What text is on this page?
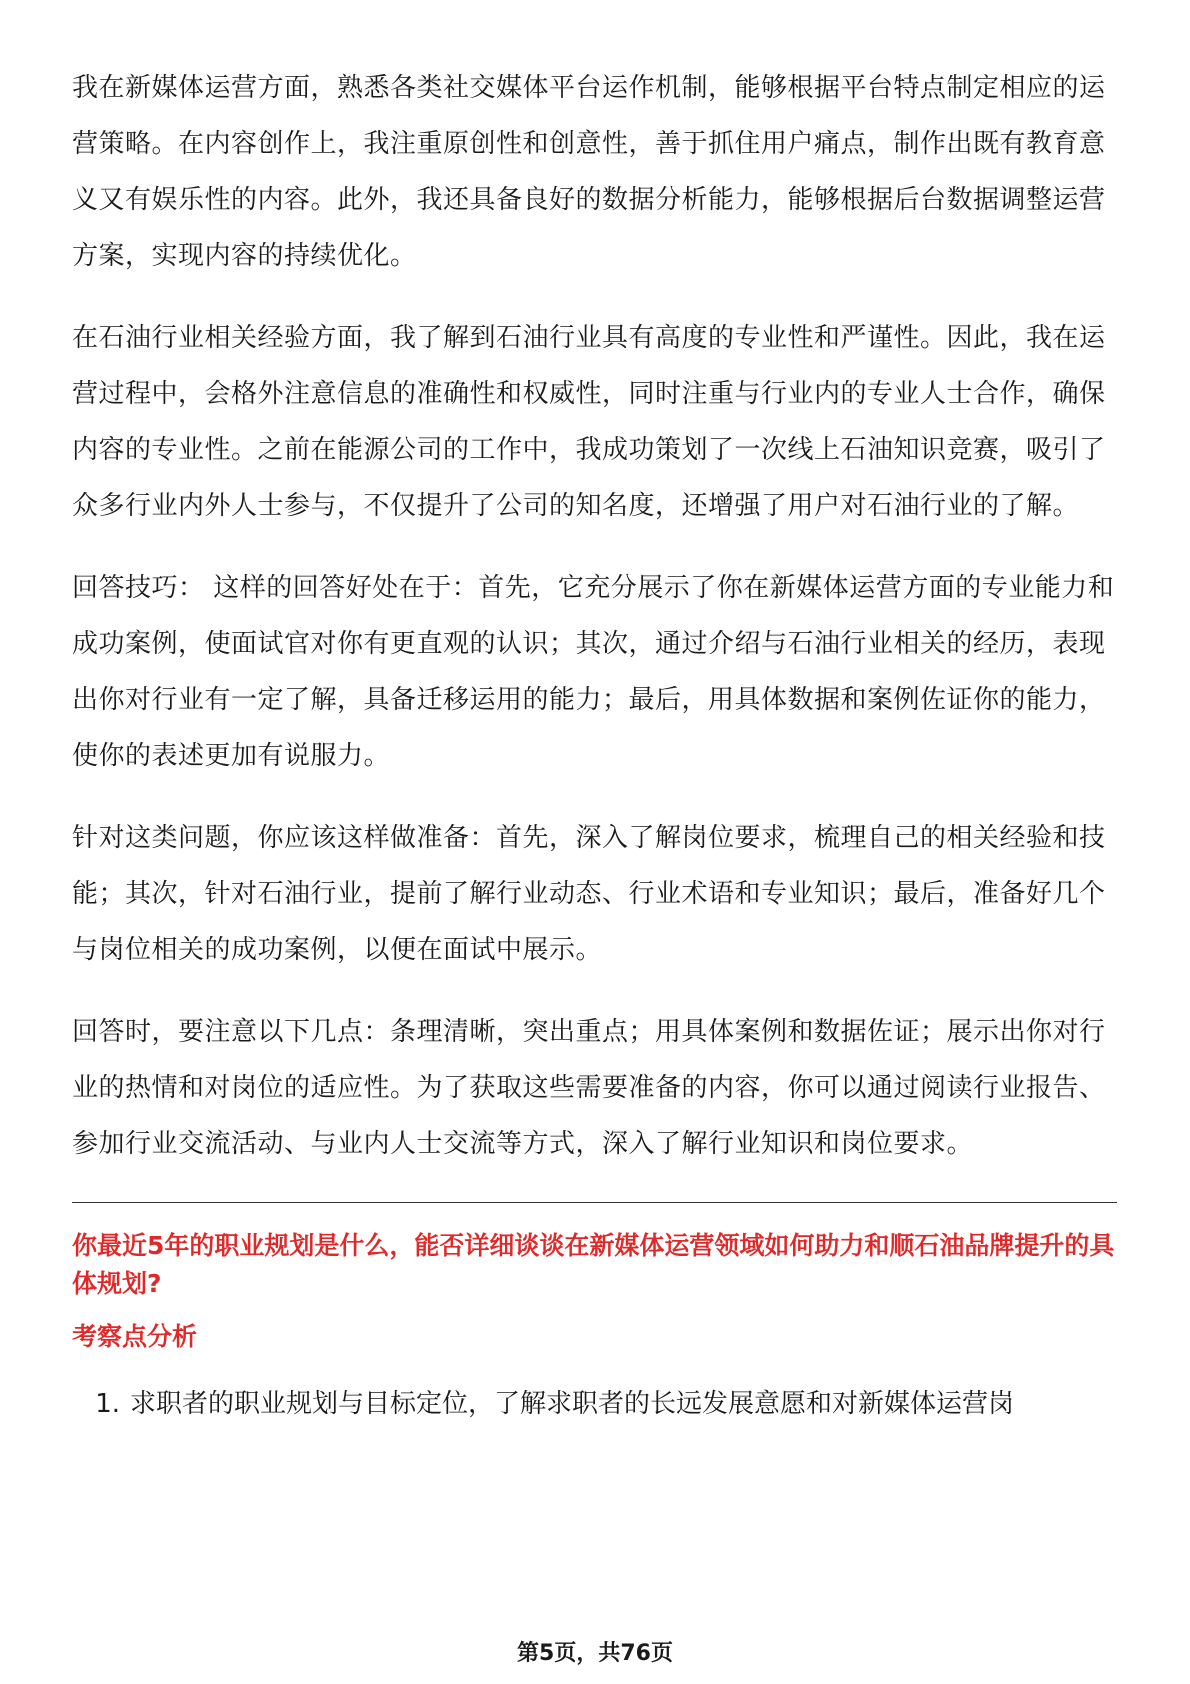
我在新媒体运营方面，熟悉各类社交媒体平台运作机制，能够根据平台特点制定相应的运营策略。在内容创作上，我注重原创性和创意性，善于抓住用户痛点，制作出既有教育意义又有娱乐性的内容。此外，我还具备良好的数据分析能力，能够根据后台数据调整运营方案，实现内容的持续优化。

在石油行业相关经验方面，我了解到石油行业具有高度的专业性和严谨性。因此，我在运营过程中，会格外注意信息的准确性和权威性，同时注重与行业内的专业人士合作，确保内容的专业性。之前在能源公司的工作中，我成功策划了一次线上石油知识竞赛，吸引了众多行业内外人士参与，不仅提升了公司的知名度，还增强了用户对石油行业的了解。

回答技巧： 这样的回答好处在于：首先，它充分展示了你在新媒体运营方面的专业能力和成功案例，使面试官对你有更直观的认识；其次，通过介绍与石油行业相关的经历，表现出你对行业有一定了解，具备迁移运用的能力；最后，用具体数据和案例佐证你的能力，使你的表述更加有说服力。

针对这类问题，你应该这样做准备：首先，深入了解岗位要求，梳理自己的相关经验和技能；其次，针对石油行业，提前了解行业动态、行业术语和专业知识；最后，准备好几个与岗位相关的成功案例，以便在面试中展示。

回答时，要注意以下几点：条理清晰，突出重点；用具体案例和数据佐证；展示出你对行业的热情和对岗位的适应性。为了获取这些需要准备的内容，你可以通过阅读行业报告、参加行业交流活动、与业内人士交流等方式，深入了解行业知识和岗位要求。

你最近5年的职业规划是什么，能否详细谈谈在新媒体运营领域如何助力和顺石油品牌提升的具体规划?
考察点分析
1. 求职者的职业规划与目标定位，了解求职者的长远发展意愿和对新媒体运营岗
第5页，共76页
